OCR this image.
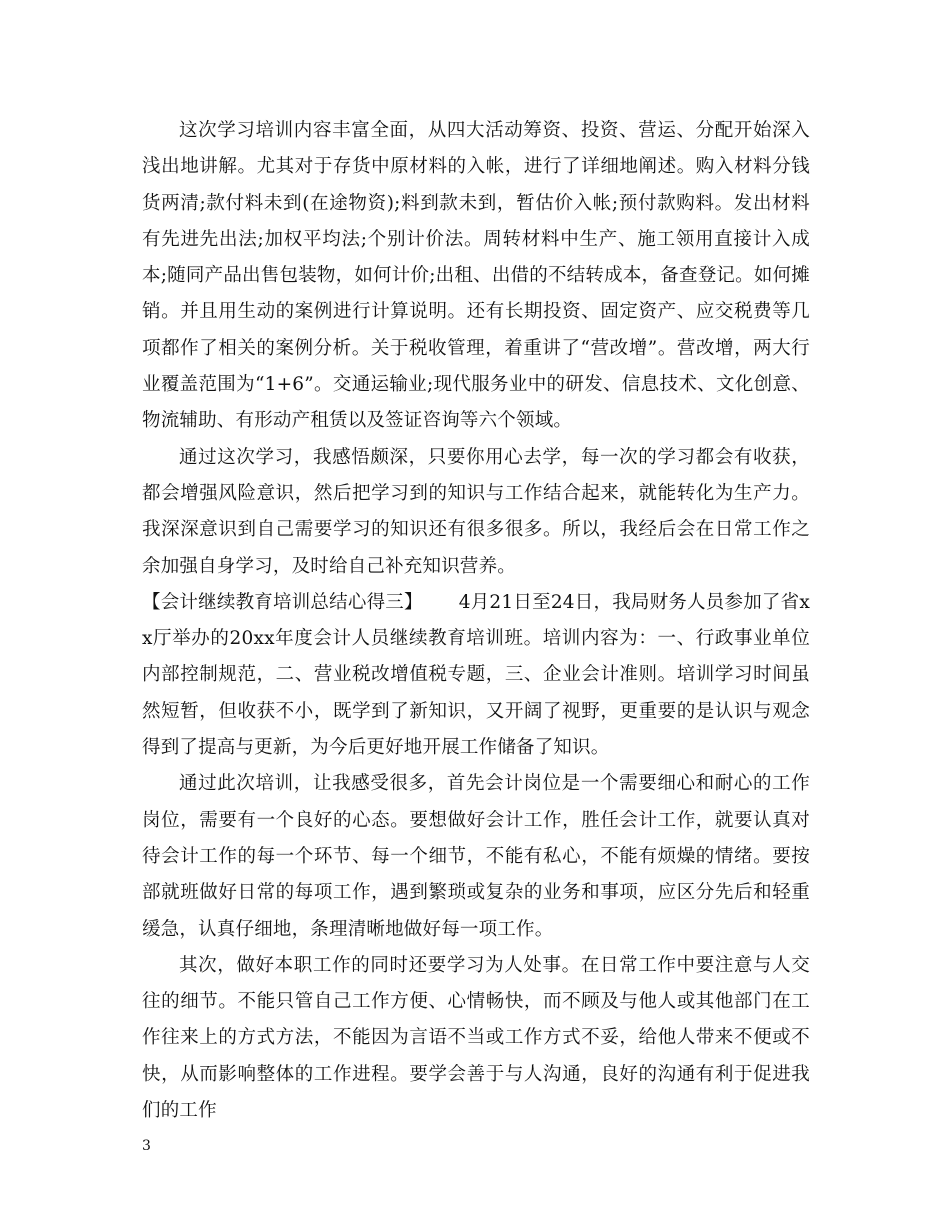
这次学习培训内容丰富全面，从四大活动筹资、投资、营运、分配开始深入浅出地讲解。尤其对于存货中原材料的入帐，进行了详细地阐述。购入材料分钱货两清;款付料未到(在途物资);料到款未到，暂估价入帐;预付款购料。发出材料有先进先出法;加权平均法;个别计价法。周转材料中生产、施工领用直接计入成本;随同产品出售包装物，如何计价;出租、出借的不结转成本，备查登记。如何摊销。并且用生动的案例进行计算说明。还有长期投资、固定资产、应交税费等几项都作了相关的案例分析。关于税收管理，着重讲了“营改增”。营改增，两大行业覆盖范围为“1+6”。交通运输业;现代服务业中的研发、信息技术、文化创意、物流辅助、有形动产租赁以及签证咨询等六个领域。

通过这次学习，我感悟颇深，只要你用心去学，每一次的学习都会有收获，都会增强风险意识，然后把学习到的知识与工作结合起来，就能转化为生产力。我深深意识到自己需要学习的知识还有很多很多。所以，我经后会在日常工作之余加强自身学习，及时给自己补充知识营养。

【会计继续教育培训总结心得三】 4月21日至24日，我局财务人员参加了省xx厅举办的20xx年度会计人员继续教育培训班。培训内容为：一、行政事业单位内部控制规范，二、营业税改增值税专题，三、企业会计准则。培训学习时间虽然短暂，但收获不小，既学到了新知识，又开阔了视野，更重要的是认识与观念得到了提高与更新，为今后更好地开展工作储备了知识。

通过此次培训，让我感受很多，首先会计岗位是一个需要细心和耐心的工作岗位，需要有一个良好的心态。要想做好会计工作，胜任会计工作，就要认真对待会计工作的每一个环节、每一个细节，不能有私心，不能有烦燥的情绪。要按部就班做好日常的每项工作，遇到繁琐或复杂的业务和事项，应区分先后和轻重缓急，认真仔细地，条理清晰地做好每一项工作。

其次，做好本职工作的同时还要学习为人处事。在日常工作中要注意与人交往的细节。不能只管自己工作方便、心情畅快，而不顾及与他人或其他部门在工作往来上的方式方法，不能因为言语不当或工作方式不妥，给他人带来不便或不快，从而影响整体的工作进程。要学会善于与人沟通，良好的沟通有利于促进我们的工作

3
